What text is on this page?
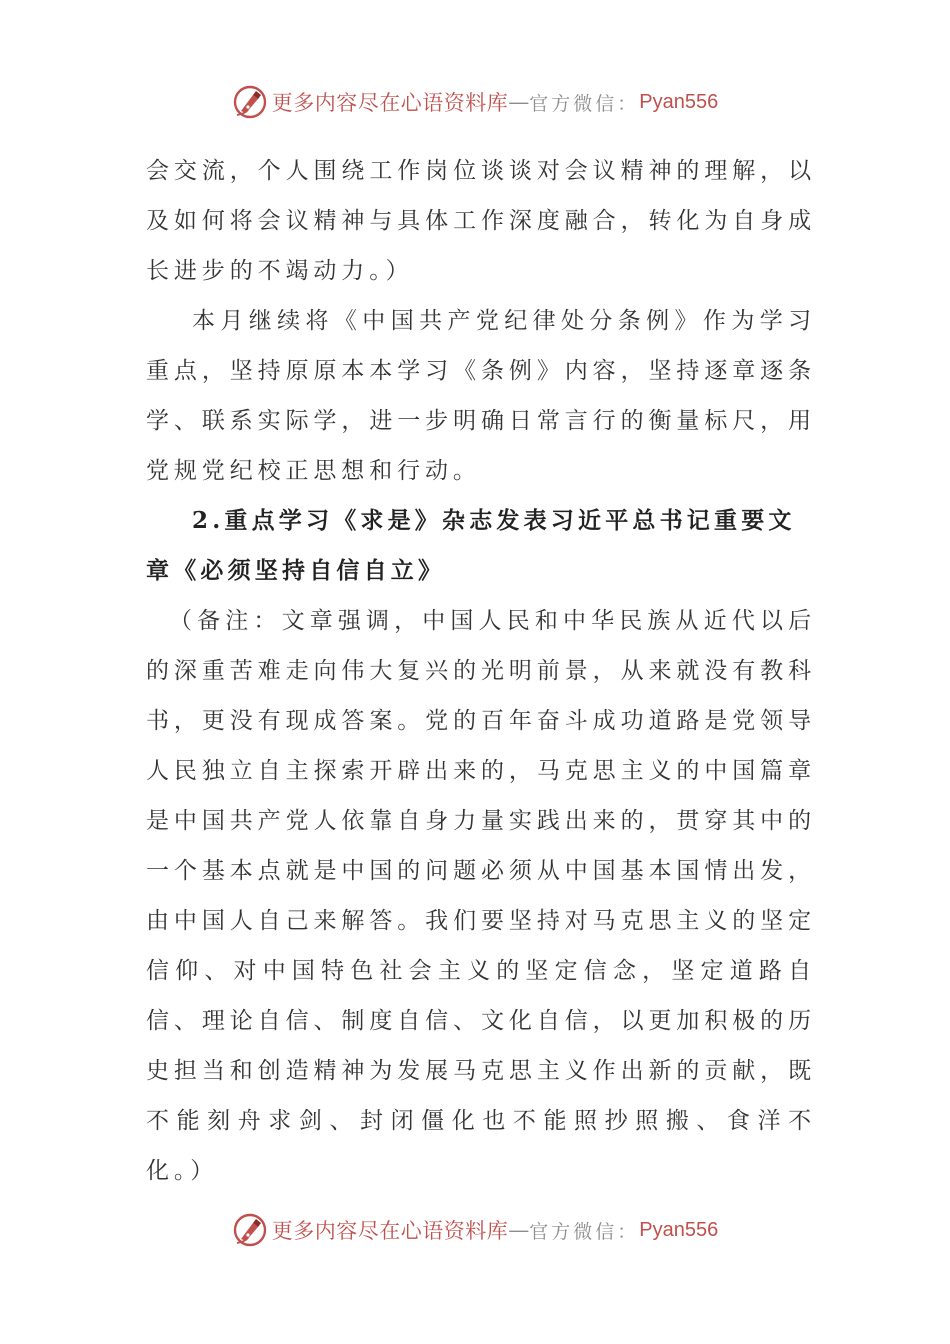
更多内容尽在心语资料库 — 官方微信： Pyan556

会交流，个人围绕工作岗位谈谈对会议精神的理解，以及如何将会议精神与具体工作深度融合，转化为自身成长进步的不竭动力。）

本月继续将《中国共产党纪律处分条例》作为学习重点，坚持原原本本学习《条例》内容，坚持逐章逐条学、联系实际学，进一步明确日常言行的衡量标尺，用党规党纪校正思想和行动。

2.重点学习《求是》杂志发表习近平总书记重要文章《必须坚持自信自立》

（备注：文章强调，中国人民和中华民族从近代以后的深重苦难走向伟大复兴的光明前景，从来就没有教科书，更没有现成答案。党的百年奋斗成功道路是党领导人民独立自主探索开辟出来的，马克思主义的中国篇章是中国共产党人依靠自身力量实践出来的，贯穿其中的一个基本点就是中国的问题必须从中国基本国情出发，由中国人自己来解答。我们要坚持对马克思主义的坚定信仰、对中国特色社会主义的坚定信念，坚定道路自信、理论自信、制度自信、文化自信，以更加积极的历史担当和创造精神为发展马克思主义作出新的贡献，既不能刻舟求剑、封闭僵化也不能照抄照搬、食洋不化。）

更多内容尽在心语资料库 — 官方微信： Pyan556
